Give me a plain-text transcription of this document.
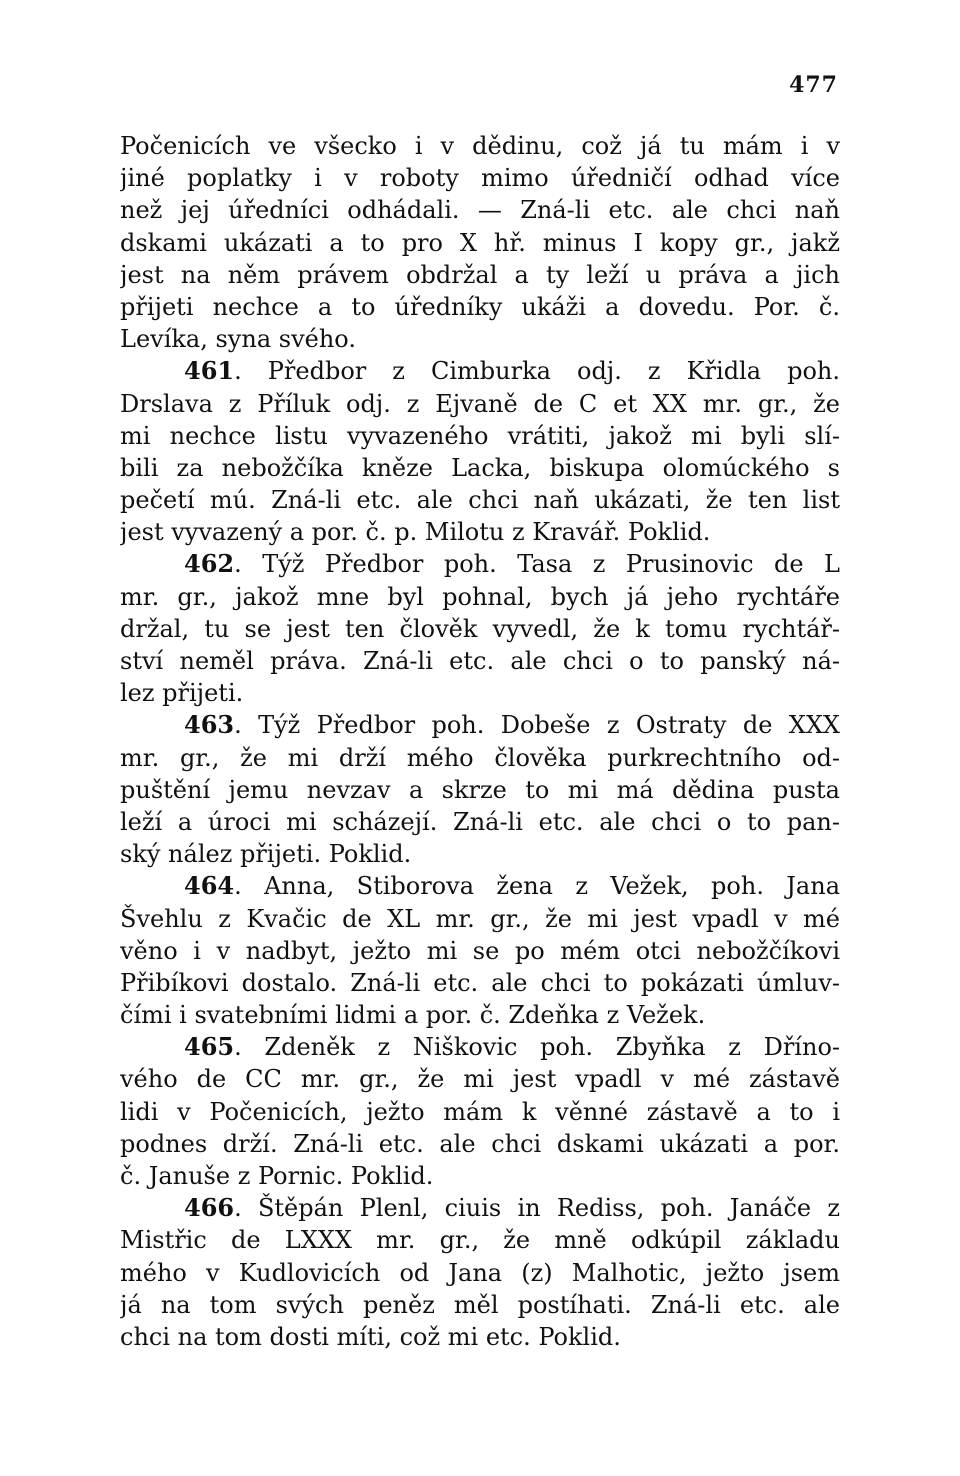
477
Počenicích ve všecko i v dědinu, což já tu mám i v
jiné poplatky i v roboty mimo úředničí odhad více
než jej úředníci odhádali. — Zná-li etc. ale chci naň
dskami ukázati a to pro X hř. minus I kopy gr., jakž
jest na něm právem obdržal a ty leží u práva a jich
přijeti nechce a to úředníky ukáži a dovedu. Por. č.
Levíka, syna svého.
461. Předbor z Cimburka odj. z Křidla poh.
Drslava z Příluk odj. z Ejvaně de C et XX mr. gr., že
mi nechce listu vyvazeného vrátiti, jakož mi byli slí-
bili za nebožčíka kněze Lacka, biskupa olomúckého s
pečetí mú. Zná-li etc. ale chci naň ukázati, že ten list
jest vyvazený a por. č. p. Milotu z Kravář. Poklid.
462. Týž Předbor poh. Tasa z Prusinovic de L
mr. gr., jakož mne byl pohnal, bych já jeho rychtáře
držal, tu se jest ten člověk vyvedl, že k tomu rychtář-
ství neměl práva. Zná-li etc. ale chci o to panský ná-
lez přijeti.
463. Týž Předbor poh. Dobeše z Ostraty de XXX
mr. gr., že mi drží mého člověka purkrechtního od-
puštění jemu nevzav a skrze to mi má dědina pusta
leží a úroci mi scházejí. Zná-li etc. ale chci o to pan-
ský nález přijeti. Poklid.
464. Anna, Stiborova žena z Vežek, poh. Jana
Švehlu z Kvačic de XL mr. gr., že mi jest vpadl v mé
věno i v nadbyt, ježto mi se po mém otci nebožčíkovi
Přibíkovi dostalo. Zná-li etc. ale chci to pokázati úmluv-
čími i svatebními lidmi a por. č. Zdeňka z Vežek.
465. Zdeněk z Niškovic poh. Zbyňka z Dříno-
vého de CC mr. gr., že mi jest vpadl v mé zástavě
lidi v Počenicích, ježto mám k věnné zástavě a to i
podnes drží. Zná-li etc. ale chci dskami ukázati a por.
č. Januše z Pornic. Poklid.
466. Štěpán Plenl, ciuis in Rediss, poh. Janáče z
Mistřic de LXXX mr. gr., že mně odkúpil základu
mého v Kudlovicích od Jana (z) Malhotic, ježto jsem
já na tom svých peněz měl postíhati. Zná-li etc. ale
chci na tom dosti míti, což mi etc. Poklid.
